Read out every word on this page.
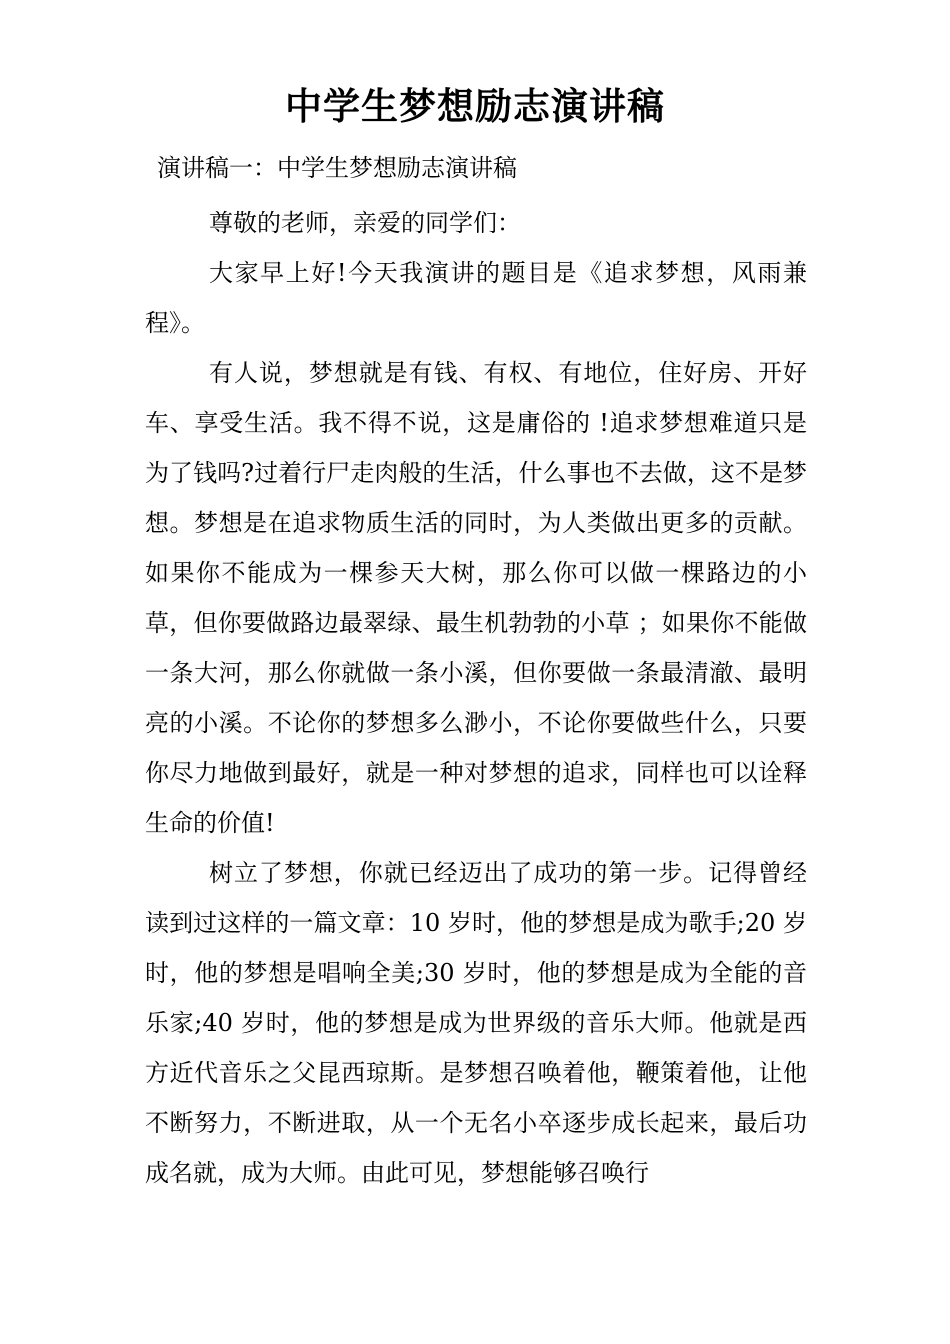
中学生梦想励志演讲稿
演讲稿一：中学生梦想励志演讲稿

尊敬的老师，亲爱的同学们：

大家早上好!今天我演讲的题目是《追求梦想，风雨兼程》。

有人说，梦想就是有钱、有权、有地位，住好房、开好车、享受生活。我不得不说，这是庸俗的 !追求梦想难道只是为了钱吗?过着行尸走肉般的生活，什么事也不去做，这不是梦想。梦想是在追求物质生活的同时，为人类做出更多的贡献。如果你不能成为一棵参天大树，那么你可以做一棵路边的小草，但你要做路边最翠绿、最生机勃勃的小草 ；如果你不能做一条大河，那么你就做一条小溪，但你要做一条最清澈、最明亮的小溪。不论你的梦想多么渺小，不论你要做些什么，只要你尽力地做到最好，就是一种对梦想的追求，同样也可以诠释生命的价值!

树立了梦想，你就已经迈出了成功的第一步。记得曾经读到过这样的一篇文章：10 岁时，他的梦想是成为歌手;20 岁时，他的梦想是唱响全美;30 岁时，他的梦想是成为全能的音乐家;40 岁时，他的梦想是成为世界级的音乐大师。他就是西方近代音乐之父昆西琼斯。是梦想召唤着他，鞭策着他，让他不断努力，不断进取，从一个无名小卒逐步成长起来，最后功成名就，成为大师。由此可见，梦想能够召唤行
